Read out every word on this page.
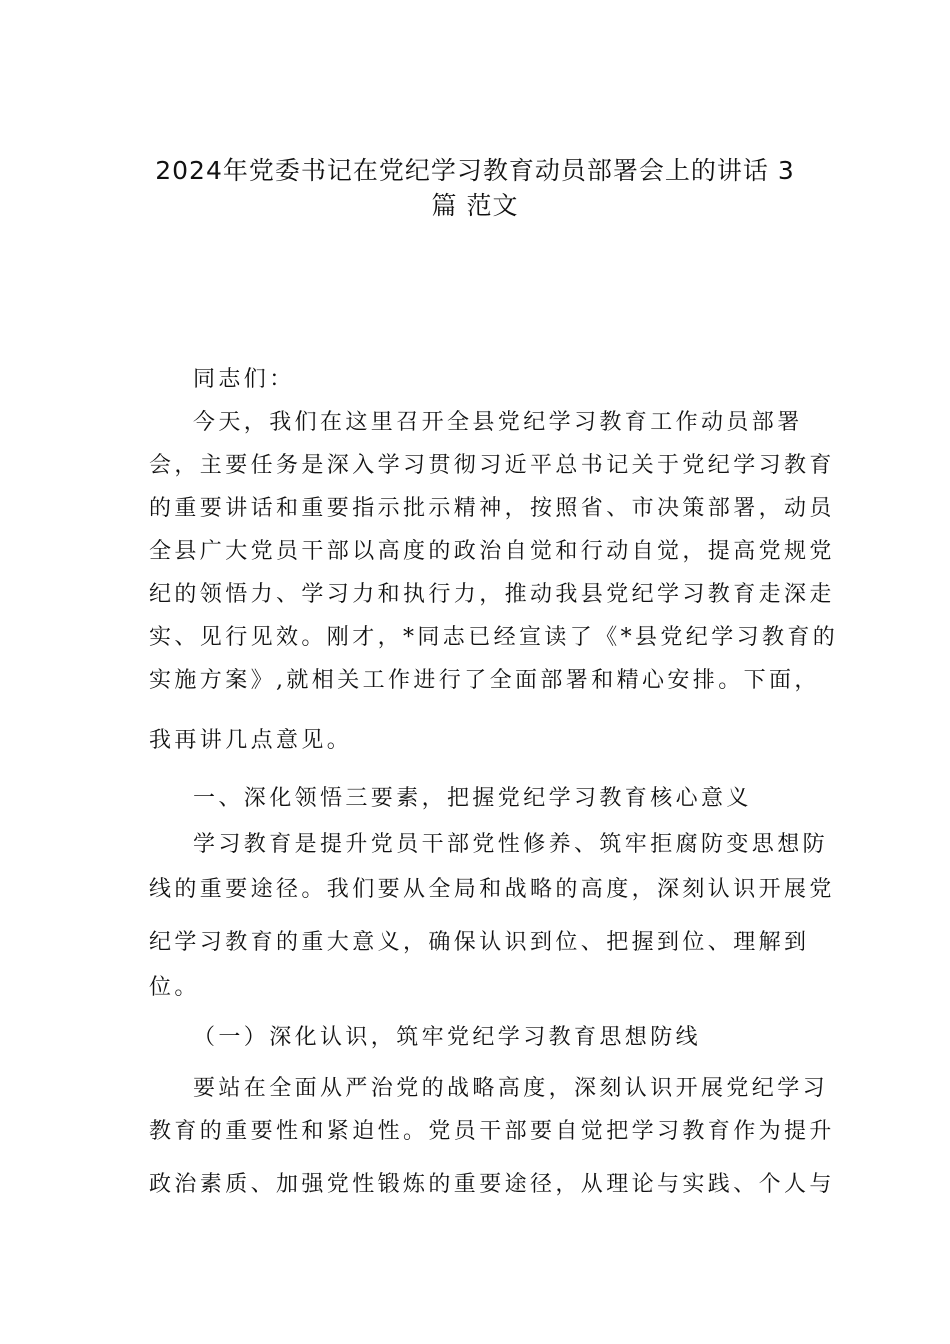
2024年党委书记在党纪学习教育动员部署会上的讲话 3
篇 范文
同志们：
今天，我们在这里召开全县党纪学习教育工作动员部署
会，主要任务是深入学习贯彻习近平总书记关于党纪学习教育
的重要讲话和重要指示批示精神，按照省、市决策部署，动员
全县广大党员干部以高度的政治自觉和行动自觉，提高党规党
纪的领悟力、学习力和执行力，推动我县党纪学习教育走深走
实、见行见效。刚才，*同志已经宣读了《*县党纪学习教育的
实施方案》,就相关工作进行了全面部署和精心安排。下面，
我再讲几点意见。
一、深化领悟三要素，把握党纪学习教育核心意义
学习教育是提升党员干部党性修养、筑牢拒腐防变思想防
线的重要途径。我们要从全局和战略的高度，深刻认识开展党
纪学习教育的重大意义，确保认识到位、把握到位、理解到
位。
（一）深化认识，筑牢党纪学习教育思想防线
要站在全面从严治党的战略高度，深刻认识开展党纪学习
教育的重要性和紧迫性。党员干部要自觉把学习教育作为提升
政治素质、加强党性锻炼的重要途径，从理论与实践、个人与
